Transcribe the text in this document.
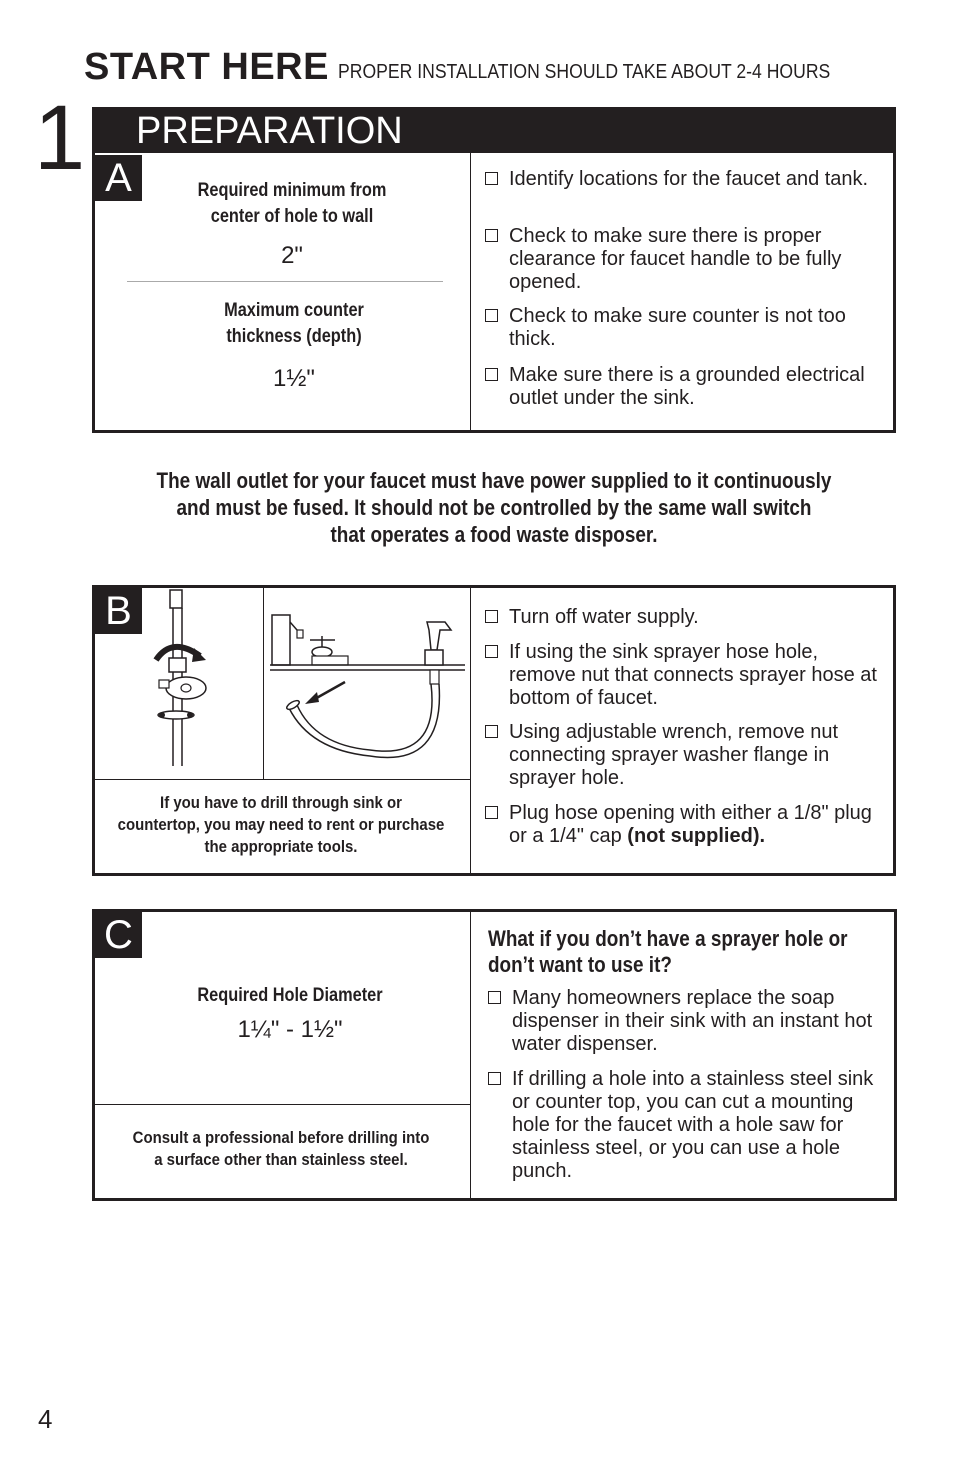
START HERE PROPER INSTALLATION SHOULD TAKE ABOUT 2-4 HOURS
1 PREPARATION
A	Required minimum from
center of hole to wall
2"
Maximum counter
thickness (depth)
1½"
Identify locations for the faucet and tank.
Check to make sure there is proper clearance for faucet handle to be fully opened.
Check to make sure counter is not too thick.
Make sure there is a grounded electrical outlet under the sink.
The wall outlet for your faucet must have power supplied to it continuously
and must be fused. It should not be controlled by the same wall switch
that operates a food waste disposer.
B
If you have to drill through sink or
countertop, you may need to rent or purchase
the appropriate tools.
Turn off water supply.
If using the sink sprayer hose hole, remove nut that connects sprayer hose at bottom of faucet.
Using adjustable wrench, remove nut connecting sprayer washer flange in sprayer hole.
Plug hose opening with either a 1/8" plug or a 1/4" cap (not supplied).
C
Required Hole Diameter
1¼" - 1½"
Consult a professional before drilling into
a surface other than stainless steel.
What if you don’t have a sprayer hole or
don’t want to use it?
Many homeowners replace the soap dispenser in their sink with an instant hot water dispenser.
If drilling a hole into a stainless steel sink or counter top, you can cut a mounting hole for the faucet with a hole saw for stainless steel, or you can use a hole punch.
4
